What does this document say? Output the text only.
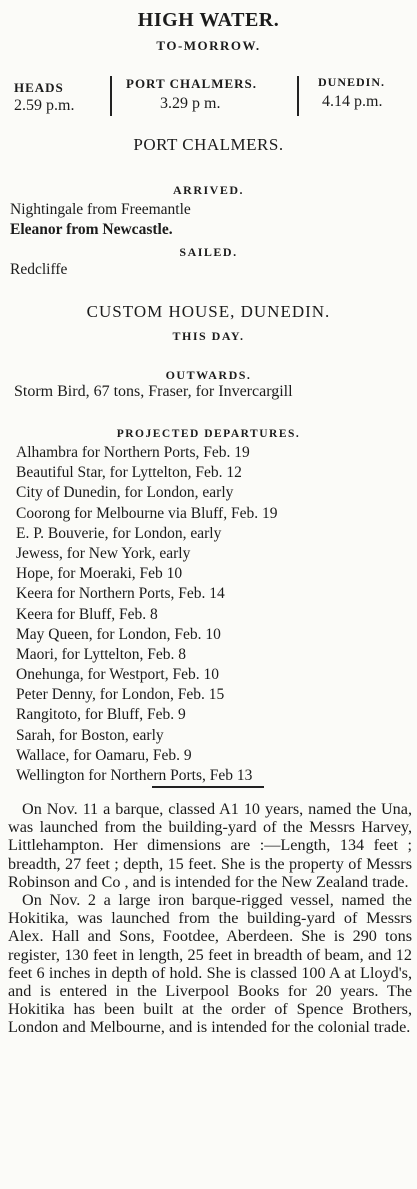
HIGH WATER.
TO-MORROW.
HEADS
2.59 p.m.
PORT CHALMERS.
3.29 p m.
DUNEDIN.
4.14 p.m.
PORT CHALMERS.
ARRIVED.
Nightingale from Freemantle
Eleanor from Newcastle.
SAILED.
Redcliffe
CUSTOM HOUSE, DUNEDIN.
THIS DAY.
OUTWARDS.
Storm Bird, 67 tons, Fraser, for Invercargill
PROJECTED DEPARTURES.
Alhambra for Northern Ports, Feb. 19
Beautiful Star, for Lyttelton, Feb. 12
City of Dunedin, for London, early
Coorong for Melbourne via Bluff, Feb. 19
E. P. Bouverie, for London, early
Jewess, for New York, early
Hope, for Moeraki, Feb 10
Keera for Northern Ports, Feb. 14
Keera for Bluff, Feb. 8
May Queen, for London, Feb. 10
Maori, for Lyttelton, Feb. 8
Onehunga, for Westport, Feb. 10
Peter Denny, for London, Feb. 15
Rangitoto, for Bluff, Feb. 9
Sarah, for Boston, early
Wallace, for Oamaru, Feb. 9
Wellington for Northern Ports, Feb 13

On Nov. 11 a barque, classed A1 10 years, named the Una, was launched from the building-yard of the Messrs Harvey, Littlehampton. Her dimensions are :—Length, 134 feet ; breadth, 27 feet ; depth, 15 feet. She is the property of Messrs Robinson and Co , and is intended for the New Zealand trade.

On Nov. 2 a large iron barque-rigged vessel, named the Hokitika, was launched from the building-yard of Messrs Alex. Hall and Sons, Footdee, Aberdeen. She is 290 tons register, 130 feet in length, 25 feet in breadth of beam, and 12 feet 6 inches in depth of hold. She is classed 100 A at Lloyd's, and is entered in the Liverpool Books for 20 years. The Hokitika has been built at the order of Spence Brothers, London and Melbourne, and is intended for the colonial trade.
